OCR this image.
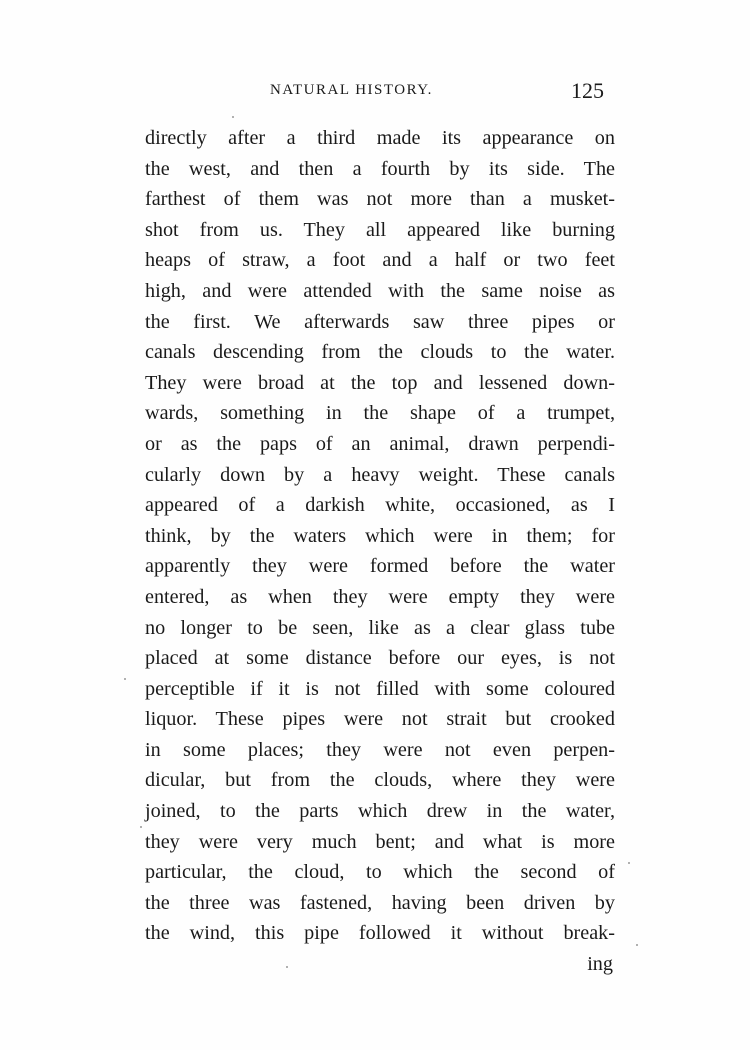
NATURAL HISTORY.	125
directly after a third made its appearance on
the west, and then a fourth by its side. The
farthest of them was not more than a musket-
shot from us. They all appeared like burning
heaps of straw, a foot and a half or two feet
high, and were attended with the same noise as
the first. We afterwards saw three pipes or
canals descending from the clouds to the water.
They were broad at the top and lessened down-
wards, something in the shape of a trumpet,
or as the paps of an animal, drawn perpendi-
cularly down by a heavy weight. These canals
appeared of a darkish white, occasioned, as I
think, by the waters which were in them; for
apparently they were formed before the water
entered, as when they were empty they were
no longer to be seen, like as a clear glass tube
placed at some distance before our eyes, is not
perceptible if it is not filled with some coloured
liquor. These pipes were not strait but crooked
in some places; they were not even perpen-
dicular, but from the clouds, where they were
joined, to the parts which drew in the water,
they were very much bent; and what is more
particular, the cloud, to which the second of
the three was fastened, having been driven by
the wind, this pipe followed it without break-
ing
